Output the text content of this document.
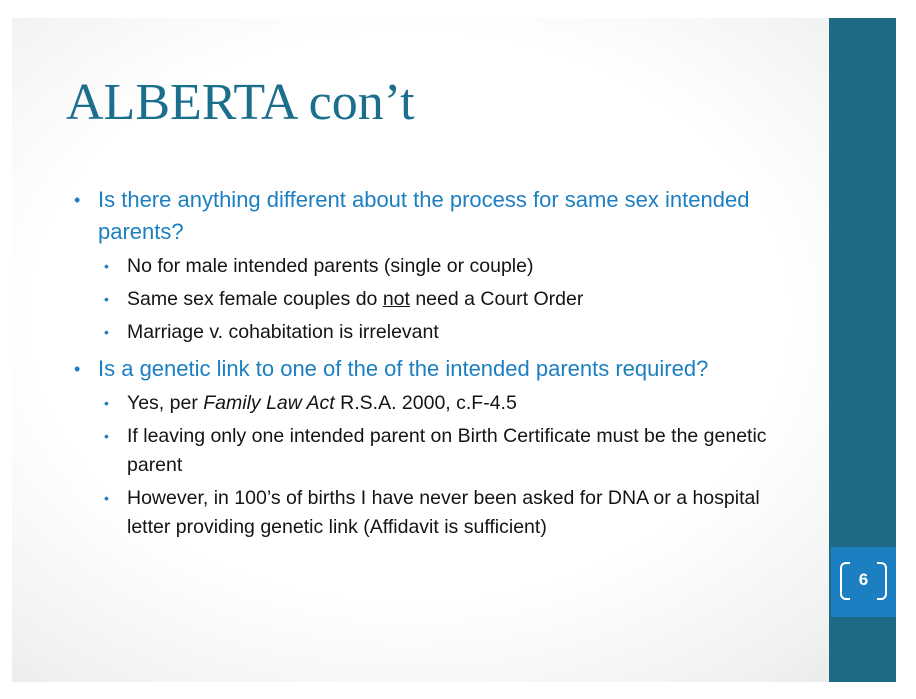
ALBERTA con’t
• Is there anything different about the process for same sex intended parents?
• No for male intended parents (single or couple)
• Same sex female couples do not need a Court Order
• Marriage v. cohabitation is irrelevant
• Is a genetic link to one of the of the intended parents required?
• Yes, per Family Law Act R.S.A. 2000, c.F-4.5
• If leaving only one intended parent on Birth Certificate must be the genetic parent
• However, in 100’s of births I have never been asked for DNA or a hospital letter providing genetic link (Affidavit is sufficient)
6
